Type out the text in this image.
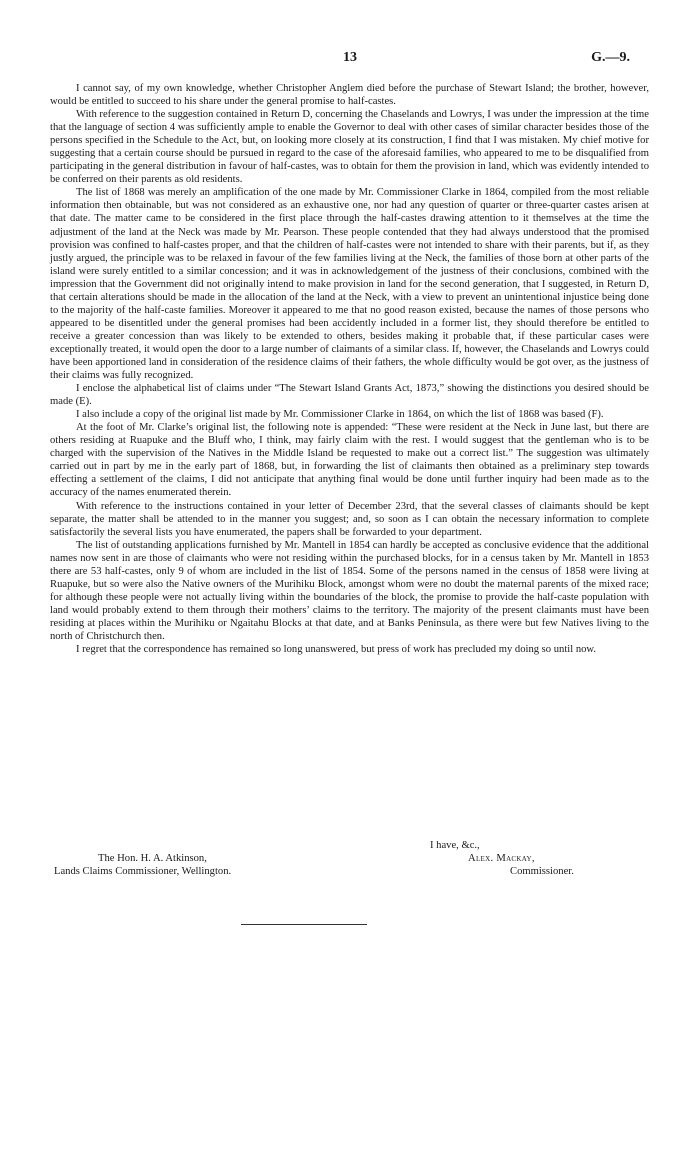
13	G.—9.

I cannot say, of my own knowledge, whether Christopher Anglem died before the purchase of Stewart Island; the brother, however, would be entitled to succeed to his share under the general promise to half-castes.

With reference to the suggestion contained in Return D, concerning the Chaselands and Lowrys, I was under the impression at the time that the language of section 4 was sufficiently ample to enable the Governor to deal with other cases of similar character besides those of the persons specified in the Schedule to the Act, but, on looking more closely at its construction, I find that I was mistaken. My chief motive for suggesting that a certain course should be pursued in regard to the case of the aforesaid families, who appeared to me to be disqualified from participating in the general distribution in favour of half-castes, was to obtain for them the provision in land, which was evidently intended to be conferred on their parents as old residents.

The list of 1868 was merely an amplification of the one made by Mr. Commissioner Clarke in 1864, compiled from the most reliable information then obtainable, but was not considered as an exhaustive one, nor had any question of quarter or three-quarter castes arisen at that date. The matter came to be considered in the first place through the half-castes drawing attention to it themselves at the time the adjustment of the land at the Neck was made by Mr. Pearson. These people contended that they had always understood that the promised provision was confined to half-castes proper, and that the children of half-castes were not intended to share with their parents, but if, as they justly argued, the principle was to be relaxed in favour of the few families living at the Neck, the families of those born at other parts of the island were surely entitled to a similar concession; and it was in acknowledgement of the justness of their conclusions, combined with the impression that the Government did not originally intend to make provision in land for the second generation, that I suggested, in Return D, that certain alterations should be made in the allocation of the land at the Neck, with a view to prevent an unintentional injustice being done to the majority of the half-caste families. Moreover it appeared to me that no good reason existed, because the names of those persons who appeared to be disentitled under the general promises had been accidently included in a former list, they should therefore be entitled to receive a greater concession than was likely to be extended to others, besides making it probable that, if these particular cases were exceptionally treated, it would open the door to a large number of claimants of a similar class. If, however, the Chaselands and Lowrys could have been apportioned land in consideration of the residence claims of their fathers, the whole difficulty would be got over, as the justness of their claims was fully recognized.

I enclose the alphabetical list of claims under “The Stewart Island Grants Act, 1873,” showing the distinctions you desired should be made (E).

I also include a copy of the original list made by Mr. Commissioner Clarke in 1864, on which the list of 1868 was based (F).

At the foot of Mr. Clarke’s original list, the following note is appended: “These were resident at the Neck in June last, but there are others residing at Ruapuke and the Bluff who, I think, may fairly claim with the rest. I would suggest that the gentleman who is to be charged with the supervision of the Natives in the Middle Island be requested to make out a correct list.” The suggestion was ultimately carried out in part by me in the early part of 1868, but, in forwarding the list of claimants then obtained as a preliminary step towards effecting a settlement of the claims, I did not anticipate that anything final would be done until further inquiry had been made as to the accuracy of the names enumerated therein.

With reference to the instructions contained in your letter of December 23rd, that the several classes of claimants should be kept separate, the matter shall be attended to in the manner you suggest; and, so soon as I can obtain the necessary information to complete satisfactorily the several lists you have enumerated, the papers shall be forwarded to your department.

The list of outstanding applications furnished by Mr. Mantell in 1854 can hardly be accepted as conclusive evidence that the additional names now sent in are those of claimants who were not residing within the purchased blocks, for in a census taken by Mr. Mantell in 1853 there are 53 half-castes, only 9 of whom are included in the list of 1854. Some of the persons named in the census of 1858 were living at Ruapuke, but so were also the Native owners of the Murihiku Block, amongst whom were no doubt the maternal parents of the mixed race; for although these people were not actually living within the boundaries of the block, the promise to provide the half-caste population with land would probably extend to them through their mothers’ claims to the territory. The majority of the present claimants must have been residing at places within the Murihiku or Ngaitahu Blocks at that date, and at Banks Peninsula, as there were but few Natives living to the north of Christchurch then.

I regret that the correspondence has remained so long unanswered, but press of work has precluded my doing so until now.

I have, &c.,
The Hon. H. A. Atkinson,
Lands Claims Commissioner, Wellington.
Alex. Mackay,
Commissioner.
